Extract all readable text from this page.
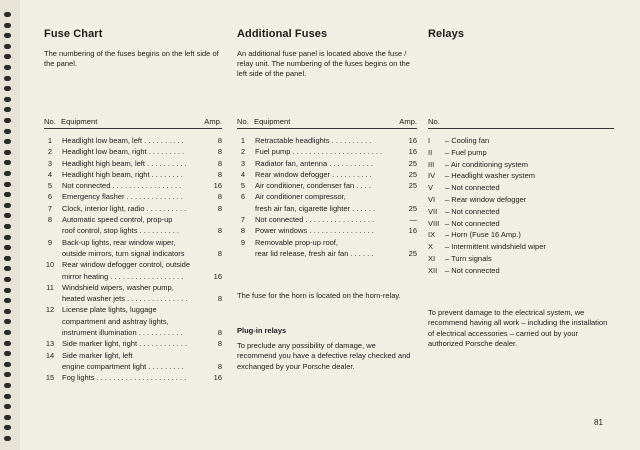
Fuse Chart

The numbering of the fuses begins on the left side of the panel.

No. Equipment	Amp.
1	Headlight low beam, left . . . . . . . . . .	8
2	Headlight low beam, right . . . . . . . . .	8
3	Headlight high beam, left . . . . . . . . . .	8
4	Headlight high beam, right . . . . . . . .	8
5	Not connected . . . . . . . . . . . . . . . . .	16
6	Emergency flasher . . . . . . . . . . . . . .	8
7	Clock, interior light, radio . . . . . . . . . .	8
8	Automatic speed control, prop-up
roof control, stop lights . . . . . . . . . .	8
9	Back-up lights, rear window wiper,
outside mirrors, turn signal indicators	8
10 Rear window defogger control, outside
mirror heating . . . . . . . . . . . . . . . . . .	16
11 Windshield wipers, washer pump,
heated washer jets . . . . . . . . . . . . . . .	8
12 License plate lights, luggage
compartment and ashtray lights,
instrument illumination . . . . . . . . . . .	8
13 Side marker light, right . . . . . . . . . . . .	8
14 Side marker light, left
engine compartment light . . . . . . . . .	8
15 Fog lights . . . . . . . . . . . . . . . . . . . . . .	16
Additional Fuses

An additional fuse panel is located above the fuse / relay unit. The numbering of the fuses begins on the left side of the panel.

No. Equipment	Amp.
1	Retractable headlights . . . . . . . . . .	16
2	Fuel pump . . . . . . . . . . . . . . . . . . . . . .	16
3	Radiator fan, antenna . . . . . . . . . . .	25
4	Rear window defogger . . . . . . . . . .	25
5	Air conditioner, condenser fan . . . .	25
6	Air conditioner compressor,
fresh air fan, cigarette lighter . . . . . .	25
7	Not connected . . . . . . . . . . . . . . . . .	—
8	Power windows . . . . . . . . . . . . . . . .	16
9	Removable prop-up roof,
rear lid release, fresh air fan . . . . . .	25

The fuse for the horn is located on the horn-relay.

Plug-in relays

To preclude any possibility of damage, we recommend you have a defective relay checked and exchanged by your Porsche dealer.

Relays
No.
I – Cooling fan
II – Fuel pump
III – Air conditioning system
IV – Headlight washer system
V – Not connected
VI – Rear window defogger
VII – Not connected
VIII – Not connected
IX – Horn (Fuse 16 Amp.)
X – Intermittent windshield wiper
XI – Turn signals
XII – Not connected

To prevent damage to the electrical system, we recommend having all work – including the installation of electrical accessories – carried out by your authorized Porsche dealer.

81
